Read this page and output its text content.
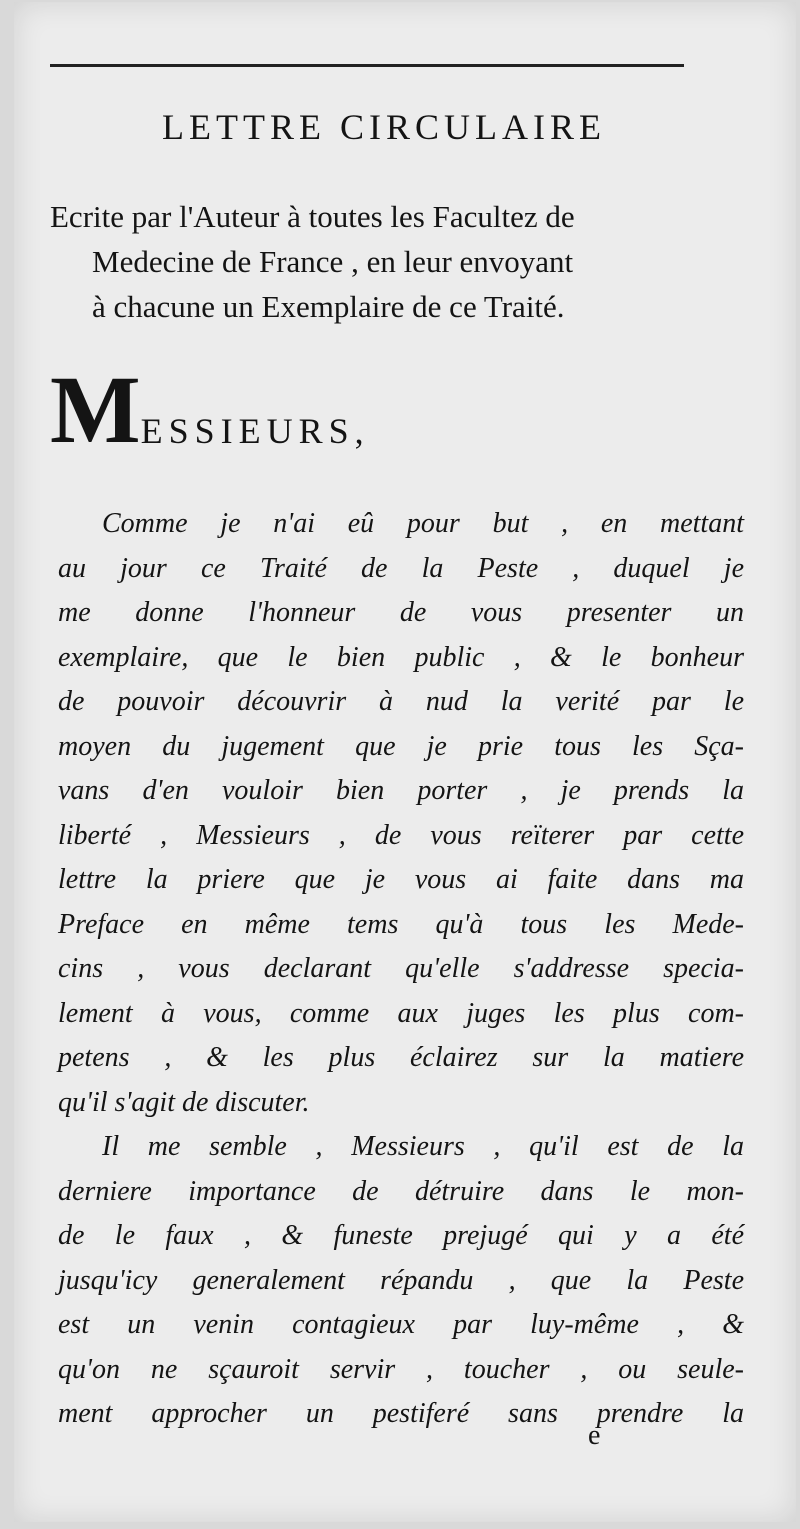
LETTRE CIRCULAIRE
Ecrite par l'Auteur à toutes les Facultez de
Medecine de France , en leur envoyant
à chacune un Exemplaire de ce Traité.
MESSIEURS,
Comme je n'ai eû pour but , en mettant
au jour ce Traité de la Peste , duquel je
me donne l'honneur de vous presenter un
exemplaire, que le bien public , & le bonheur
de pouvoir découvrir à nud la verité par le
moyen du jugement que je prie tous les Sça-
vans d'en vouloir bien porter , je prends la
liberté , Messieurs , de vous reïterer par cette
lettre la priere que je vous ai faite dans ma
Preface en même tems qu'à tous les Mede-
cins , vous declarant qu'elle s'addresse specia-
lement à vous, comme aux juges les plus com-
petens , & les plus éclairez sur la matiere
qu'il s'agit de discuter.
Il me semble , Messieurs , qu'il est de la
derniere importance de détruire dans le mon-
de le faux , & funeste prejugé qui y a été
jusqu'icy generalement répandu , que la Peste
est un venin contagieux par luy-même , &
qu'on ne sçauroit servir , toucher , ou seule-
ment approcher un pestiferé sans prendre la
e
